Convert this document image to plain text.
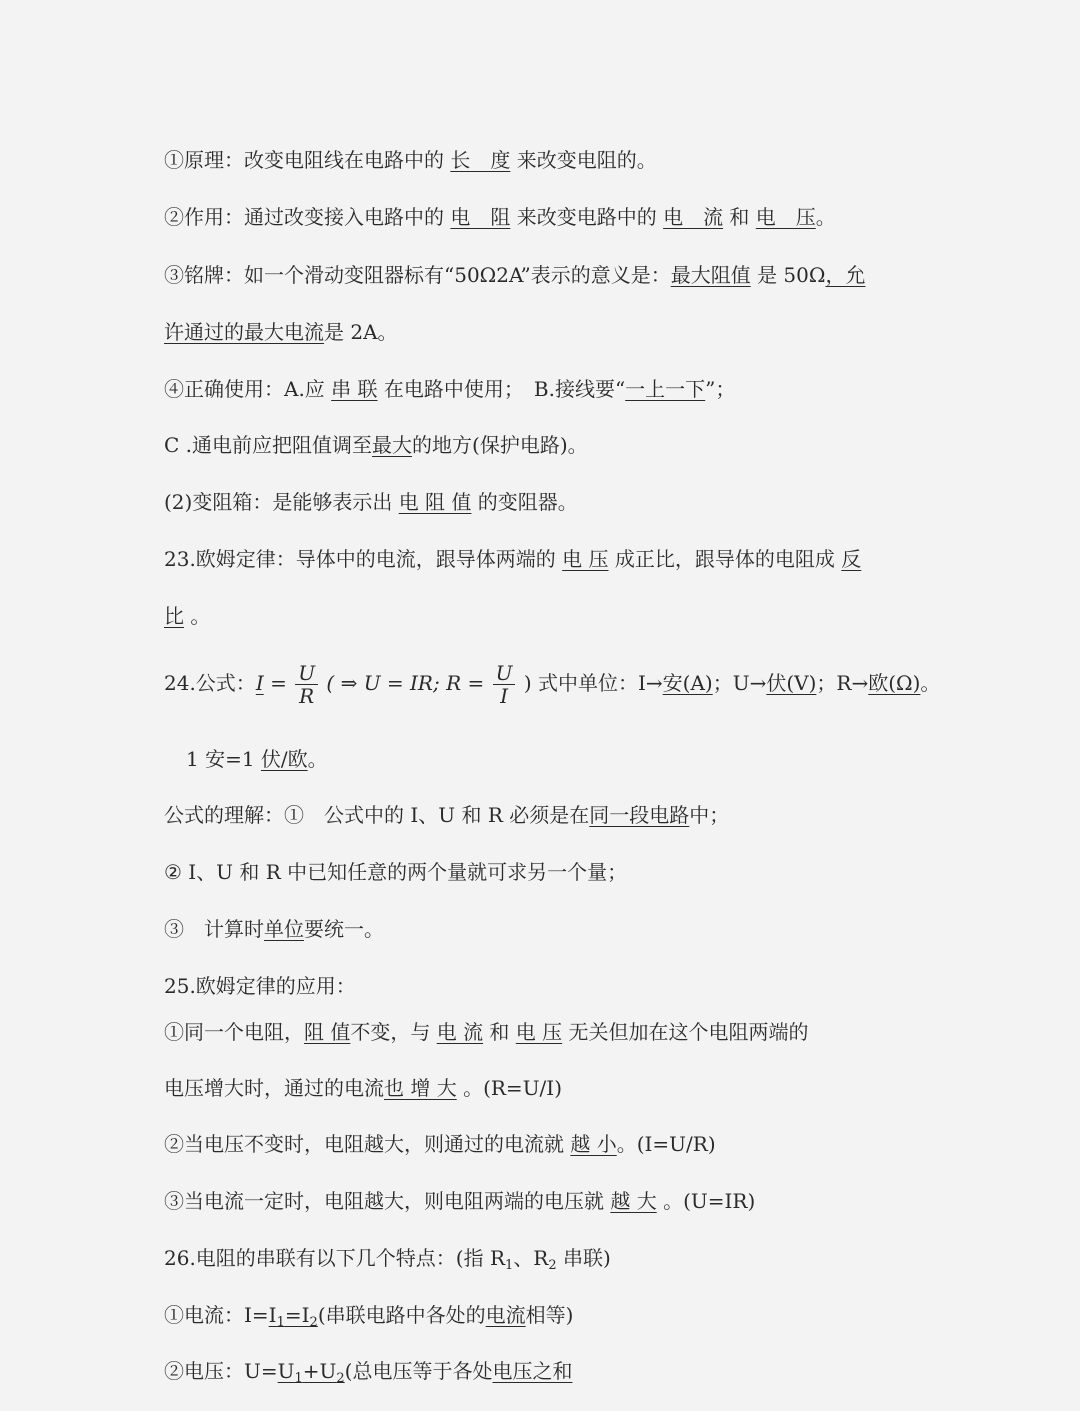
①原理：改变电阻线在电路中的 长　度 来改变电阻的。
②作用：通过改变接入电路中的 电　阻 来改变电路中的 电　流 和 电　压。
③铭牌：如一个滑动变阻器标有“50Ω2A”表示的意义是：最大阻值 是 50Ω，允
许通过的最大电流是 2A。
④正确使用：A.应 串 联 在电路中使用；　B.接线要“一上一下”；
C .通电前应把阻值调至最大的地方(保护电路)。
(2)变阻箱：是能够表示出 电 阻 值 的变阻器。
23.欧姆定律：导体中的电流，跟导体两端的 电 压 成正比，跟导体的电阻成 反
比 。
24.公式：$I = \frac{U}{R}$ ( ⇒ U = IR; $R = \frac{U}{I}$ ) 式中单位：I→安(A)；U→伏(V)；R→欧(Ω)。
1 安=1 伏/欧。
公式的理解：①　公式中的 I、U 和 R 必须是在同一段电路中；
② I、U 和 R 中已知任意的两个量就可求另一个量；
③　计算时单位要统一。
25.欧姆定律的应用：
①同一个电阻，阻 值不变，与 电 流 和 电 压 无关但加在这个电阻两端的
电压增大时，通过的电流也 增 大 。(R=U/I)
②当电压不变时，电阻越大，则通过的电流就 越 小。(I=U/R)
③当电流一定时，电阻越大，则电阻两端的电压就 越 大 。(U=IR)
26.电阻的串联有以下几个特点：(指 $R_1$、$R_2$ 串联)
①电流：$I=I_1=I_2$(串联电路中各处的电流相等)
②电压：$U=U_1+U_2$(总电压等于各处电压之和
